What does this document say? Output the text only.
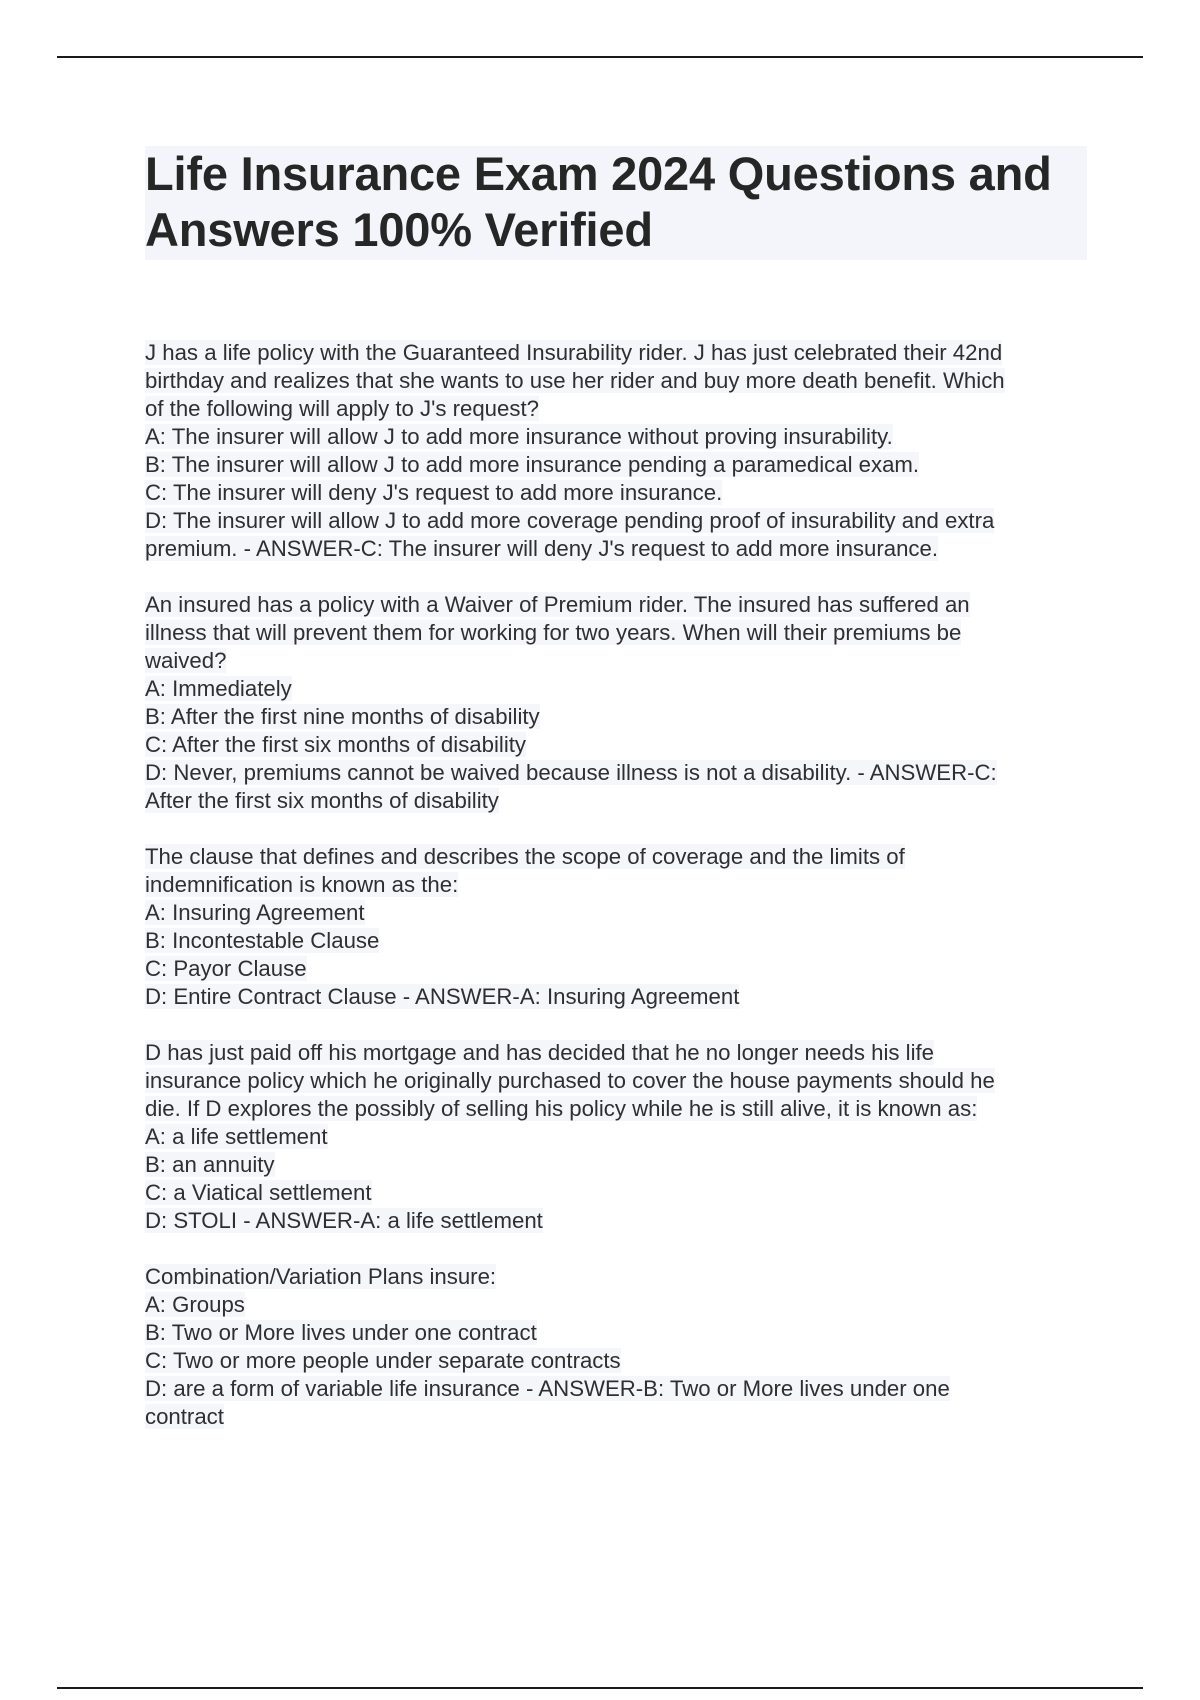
Life Insurance Exam 2024 Questions and Answers 100% Verified

J has a life policy with the Guaranteed Insurability rider. J has just celebrated their 42nd

birthday and realizes that she wants to use her rider and buy more death benefit. Which

of the following will apply to J's request?

A: The insurer will allow J to add more insurance without proving insurability.

B: The insurer will allow J to add more insurance pending a paramedical exam.

C: The insurer will deny J's request to add more insurance.

D: The insurer will allow J to add more coverage pending proof of insurability and extra

premium. - ANSWER-C: The insurer will deny J's request to add more insurance.

An insured has a policy with a Waiver of Premium rider. The insured has suffered an

illness that will prevent them for working for two years. When will their premiums be

waived?

A: Immediately

B: After the first nine months of disability

C: After the first six months of disability

D: Never, premiums cannot be waived because illness is not a disability. - ANSWER-C:

After the first six months of disability

The clause that defines and describes the scope of coverage and the limits of

indemnification is known as the:

A: Insuring Agreement

B: Incontestable Clause

C: Payor Clause

D: Entire Contract Clause - ANSWER-A: Insuring Agreement

D has just paid off his mortgage and has decided that he no longer needs his life

insurance policy which he originally purchased to cover the house payments should he

die. If D explores the possibly of selling his policy while he is still alive, it is known as:

A: a life settlement

B: an annuity

C: a Viatical settlement

D: STOLI - ANSWER-A: a life settlement

Combination/Variation Plans insure:

A: Groups

B: Two or More lives under one contract

C: Two or more people under separate contracts

D: are a form of variable life insurance - ANSWER-B: Two or More lives under one

contract
